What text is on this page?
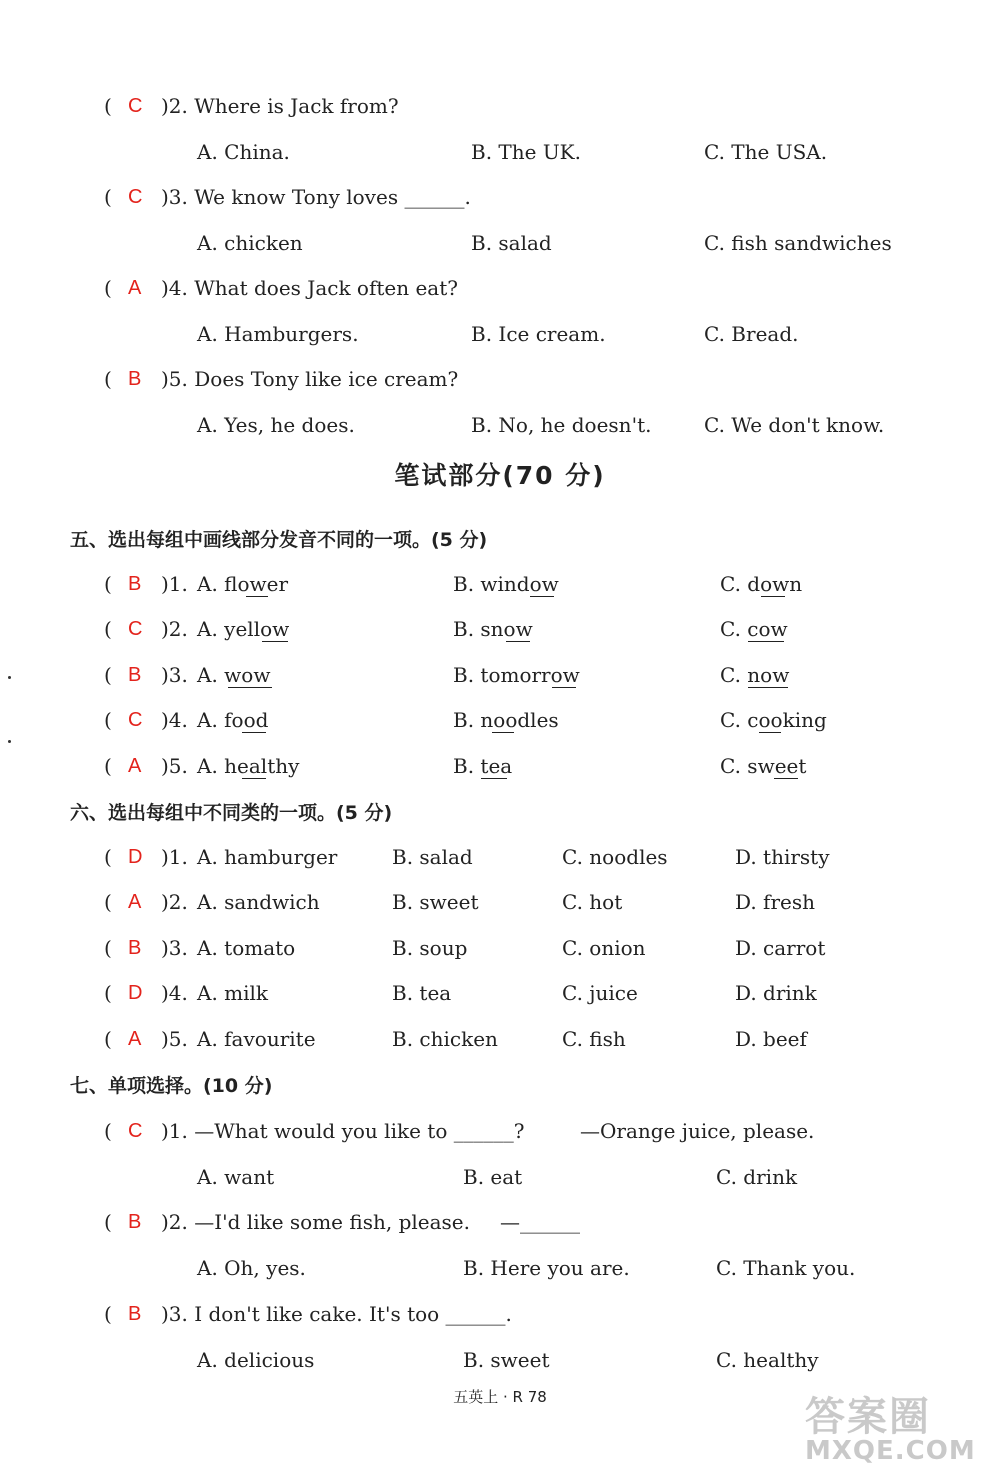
( C )2. Where is Jack from?
A. China.	B. The UK.	C. The USA.
( C )3. We know Tony loves ______.
A. chicken	B. salad	C. fish sandwiches
( A )4. What does Jack often eat?
A. Hamburgers.	B. Ice cream.	C. Bread.
( B )5. Does Tony like ice cream?
A. Yes, he does.	B. No, he doesn't.	C. We don't know.
笔试部分(70 分)
五、选出每组中画线部分发音不同的一项。(5 分)
( B )1. A. flower	B. window	C. down
( C )2. A. yellow	B. snow	C. cow
( B )3. A. wow	B. tomorrow	C. now
( C )4. A. food	B. noodles	C. cooking
( A )5. A. healthy	B. tea	C. sweet
六、选出每组中不同类的一项。(5 分)
( D )1. A. hamburger	B. salad	C. noodles	D. thirsty
( A )2. A. sandwich	B. sweet	C. hot	D. fresh
( B )3. A. tomato	B. soup	C. onion	D. carrot
( D )4. A. milk	B. tea	C. juice	D. drink
( A )5. A. favourite	B. chicken	C. fish	D. beef
七、单项选择。(10 分)
( C )1. —What would you like to ______?	—Orange juice, please.
A. want	B. eat	C. drink
( B )2. —I'd like some fish, please. —______
A. Oh, yes.	B. Here you are.	C. Thank you.
( B )3. I don't like cake. It's too ______.
A. delicious	B. sweet	C. healthy
五英上 · R 78	答案圈
MXQE.COM
